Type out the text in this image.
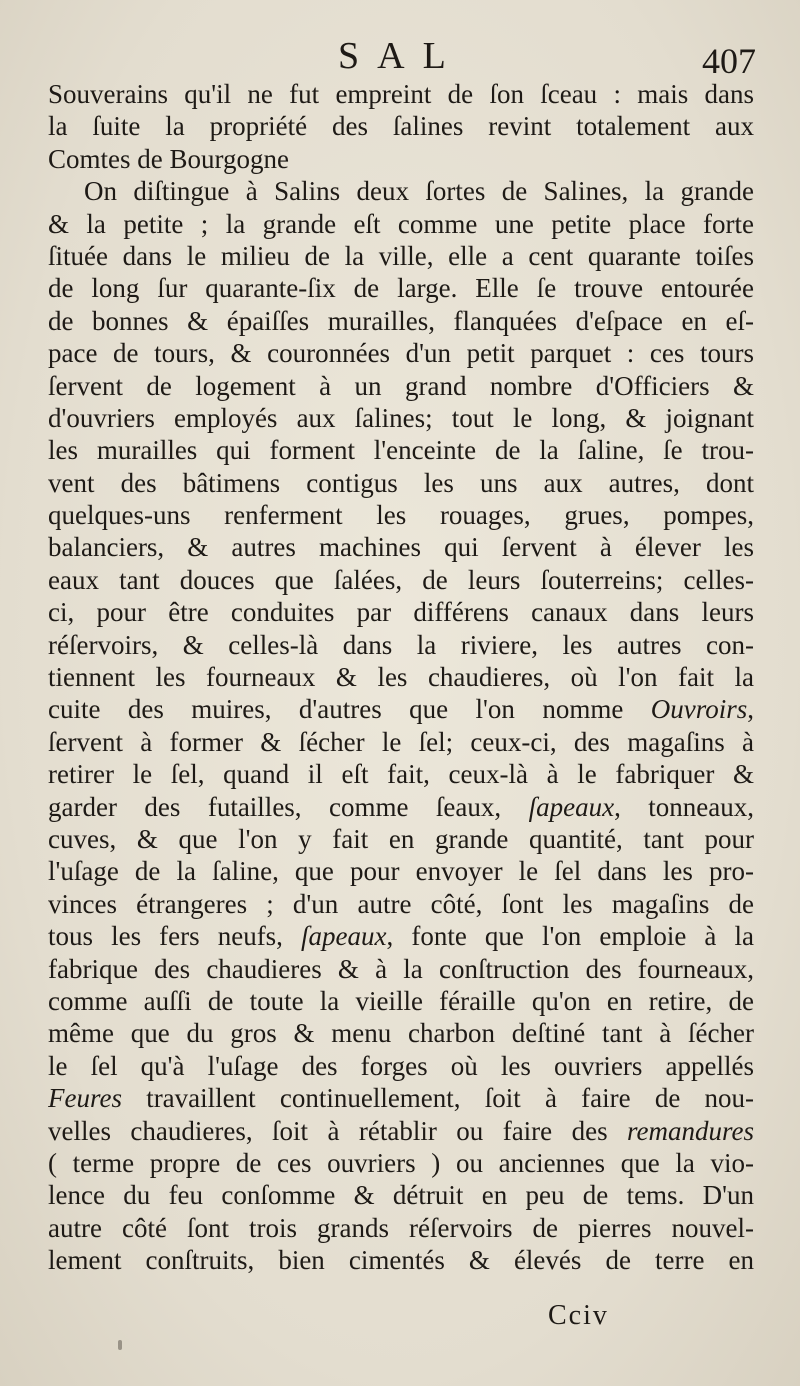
SAL	407
Souverains qu'il ne fut empreint de ſon ſceau : mais dans
la ſuite la propriété des ſalines revint totalement aux
Comtes de Bourgogne
On diſtingue à Salins deux ſortes de Salines, la grande
& la petite ; la grande eſt comme une petite place forte
ſituée dans le milieu de la ville, elle a cent quarante toiſes
de long ſur quarante-ſix de large. Elle ſe trouve entourée
de bonnes & épaiſſes murailles, flanquées d'eſpace en eſ-
pace de tours, & couronnées d'un petit parquet : ces tours
ſervent de logement à un grand nombre d'Officiers &
d'ouvriers employés aux ſalines; tout le long, & joignant
les murailles qui forment l'enceinte de la ſaline, ſe trou-
vent des bâtimens contigus les uns aux autres, dont
quelques-uns renferment les rouages, grues, pompes,
balanciers, & autres machines qui ſervent à élever les
eaux tant douces que ſalées, de leurs ſouterreins; celles-
ci, pour être conduites par différens canaux dans leurs
réſervoirs, & celles-là dans la riviere, les autres con-
tiennent les fourneaux & les chaudieres, où l'on fait la
cuite des muires, d'autres que l'on nomme Ouvroirs,
ſervent à former & ſécher le ſel; ceux-ci, des magaſins à
retirer le ſel, quand il eſt fait, ceux-là à le fabriquer &
garder des futailles, comme ſeaux, ſapeaux, tonneaux,
cuves, & que l'on y fait en grande quantité, tant pour
l'uſage de la ſaline, que pour envoyer le ſel dans les pro-
vinces étrangeres ; d'un autre côté, ſont les magaſins de
tous les fers neufs, ſapeaux, fonte que l'on emploie à la
fabrique des chaudieres & à la conſtruction des fourneaux,
comme auſſi de toute la vieille féraille qu'on en retire, de
même que du gros & menu charbon deſtiné tant à ſécher
le ſel qu'à l'uſage des forges où les ouvriers appellés
Feures travaillent continuellement, ſoit à faire de nou-
velles chaudieres, ſoit à rétablir ou faire des remandures
( terme propre de ces ouvriers ) ou anciennes que la vio-
lence du feu conſomme & détruit en peu de tems. D'un
autre côté ſont trois grands réſervoirs de pierres nouvel-
lement conſtruits, bien cimentés & élevés de terre en
Cciv
